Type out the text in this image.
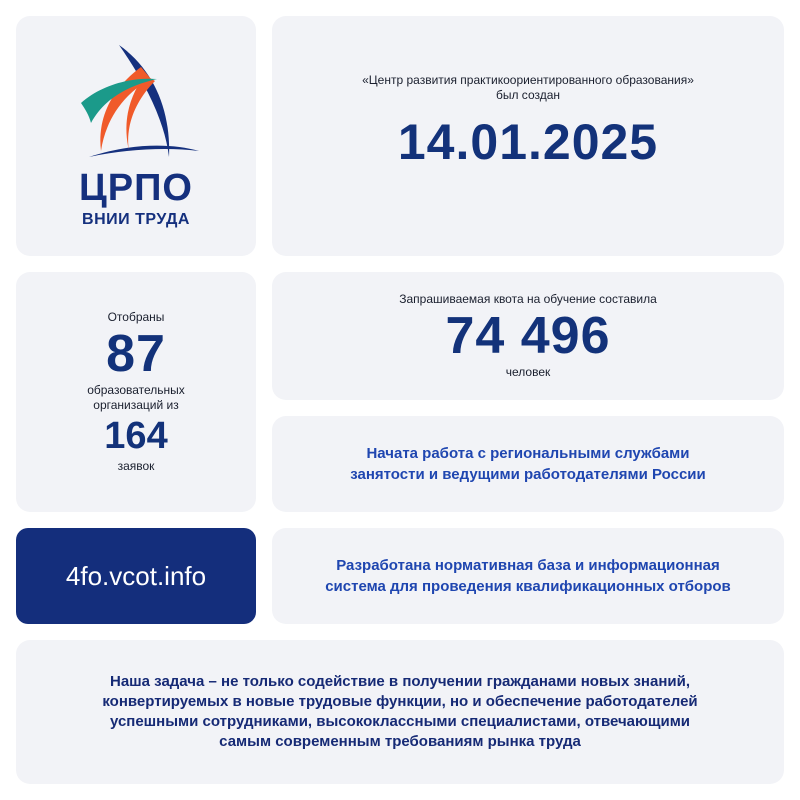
ЦРПО
ВНИИ ТРУДА
«Центр развития практикоориентированного образования»
был создан
14.01.2025
Отобраны
87
образовательных
организаций из
164
заявок
Запрашиваемая квота на обучение составила
74 496
человек
Начата работа с региональными службами
занятости и ведущими работодателями России
4fo.vcot.info	Разработана нормативная база и информационная
система для проведения квалификационных отборов
Наша задача – не только содействие в получении гражданами новых знаний,
конвертируемых в новые трудовые функции, но и обеспечение работодателей
успешными сотрудниками, высококлассными специалистами, отвечающими
самым современным требованиям рынка труда
